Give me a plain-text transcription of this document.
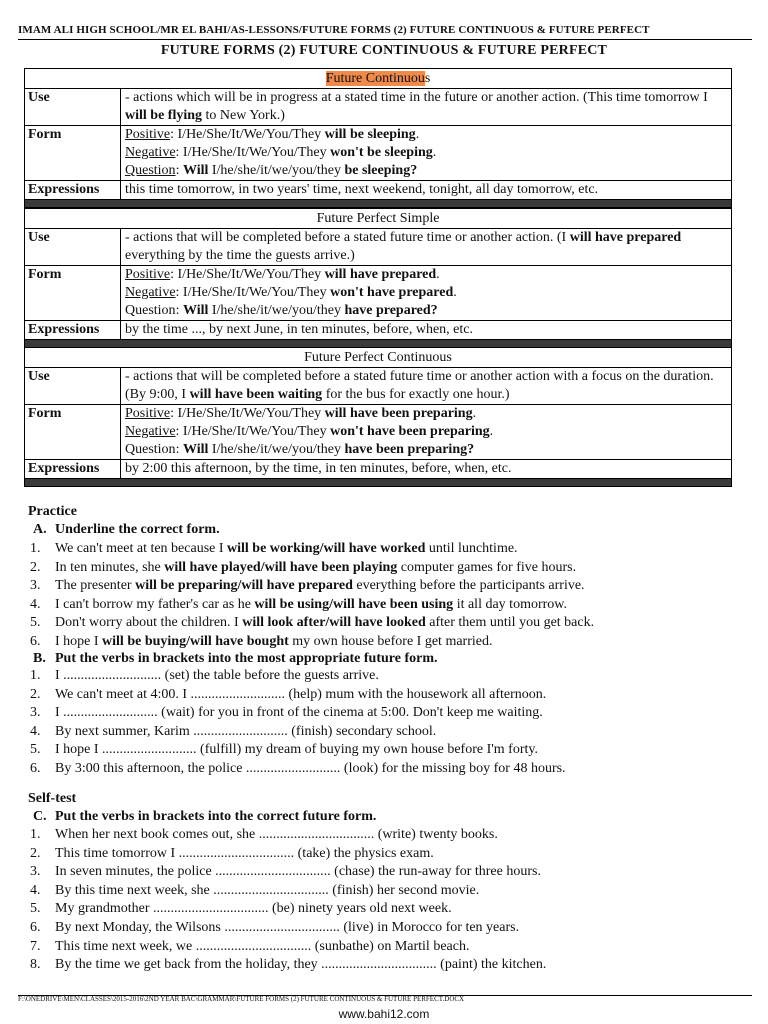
IMAM ALI HIGH SCHOOL/MR EL BAHI/AS-LESSONS/FUTURE FORMS (2) FUTURE CONTINUOUS & FUTURE PERFECT
FUTURE FORMS (2) FUTURE CONTINUOUS & FUTURE PERFECT
Future Continuous	
Use	- actions which will be in progress at a stated time in the future or another action. (This time tomorrow I will be flying to New York.)
Form	Positive: I/He/She/It/We/You/They will be sleeping.
Negative: I/He/She/It/We/You/They won't be sleeping.
Question: Will I/he/she/it/we/you/they be sleeping?

Expressions	this time tomorrow, in two years' time, next weekend, tonight, all day tomorrow, etc.

Future Perfect Simple	
Use	- actions that will be completed before a stated future time or another action. (I will have prepared everything by the time the guests arrive.)
Form	Positive: I/He/She/It/We/You/They will have prepared.
Negative: I/He/She/It/We/You/They won't have prepared.
Question: Will I/he/she/it/we/you/they have prepared?

Expressions	by the time ..., by next June, in ten minutes, before, when, etc.

Future Perfect Continuous	
Use	- actions that will be completed before a stated future time or another action with a focus on the duration. (By 9:00, I will have been waiting for the bus for exactly one hour.)
Form	Positive: I/He/She/It/We/You/They will have been preparing.
Negative: I/He/She/It/We/You/They won't have been preparing.
Question: Will I/he/she/it/we/you/they have been preparing?

Expressions	by 2:00 this afternoon, by the time, in ten minutes, before, when, etc.

Practice
A. Underline the correct form.
1. We can't meet at ten because I will be working/will have worked until lunchtime.
2. In ten minutes, she will have played/will have been playing computer games for five hours.
3. The presenter will be preparing/will have prepared everything before the participants arrive.
4. I can't borrow my father's car as he will be using/will have been using it all day tomorrow.
5. Don't worry about the children. I will look after/will have looked after them until you get back.
6. I hope I will be buying/will have bought my own house before I get married.
B. Put the verbs in brackets into the most appropriate future form.
1. I ............................ (set) the table before the guests arrive.
2. We can't meet at 4:00. I ........................... (help) mum with the housework all afternoon.
3. I ........................... (wait) for you in front of the cinema at 5:00. Don't keep me waiting.
4. By next summer, Karim ........................... (finish) secondary school.
5. I hope I ........................... (fulfill) my dream of buying my own house before I'm forty.
6. By 3:00 this afternoon, the police ........................... (look) for the missing boy for 48 hours.
Self-test
C. Put the verbs in brackets into the correct future form.
1. When her next book comes out, she ................................. (write) twenty books.
2. This time tomorrow I ................................. (take) the physics exam.
3. In seven minutes, the police ................................. (chase) the run-away for three hours.
4. By this time next week, she ................................. (finish) her second movie.
5. My grandmother ................................. (be) ninety years old next week.
6. By next Monday, the Wilsons ................................. (live) in Morocco for ten years.
7. This time next week, we ................................. (sunbathe) on Martil beach.
8. By the time we get back from the holiday, they ................................. (paint) the kitchen.
F:\ONEDRIVE\MEN\CLASSES\2015-2016\2ND YEAR BAC\GRAMMAR\FUTURE FORMS (2) FUTURE CONTINUOUS & FUTURE PERFECT.DOCX
www.bahi12.com
